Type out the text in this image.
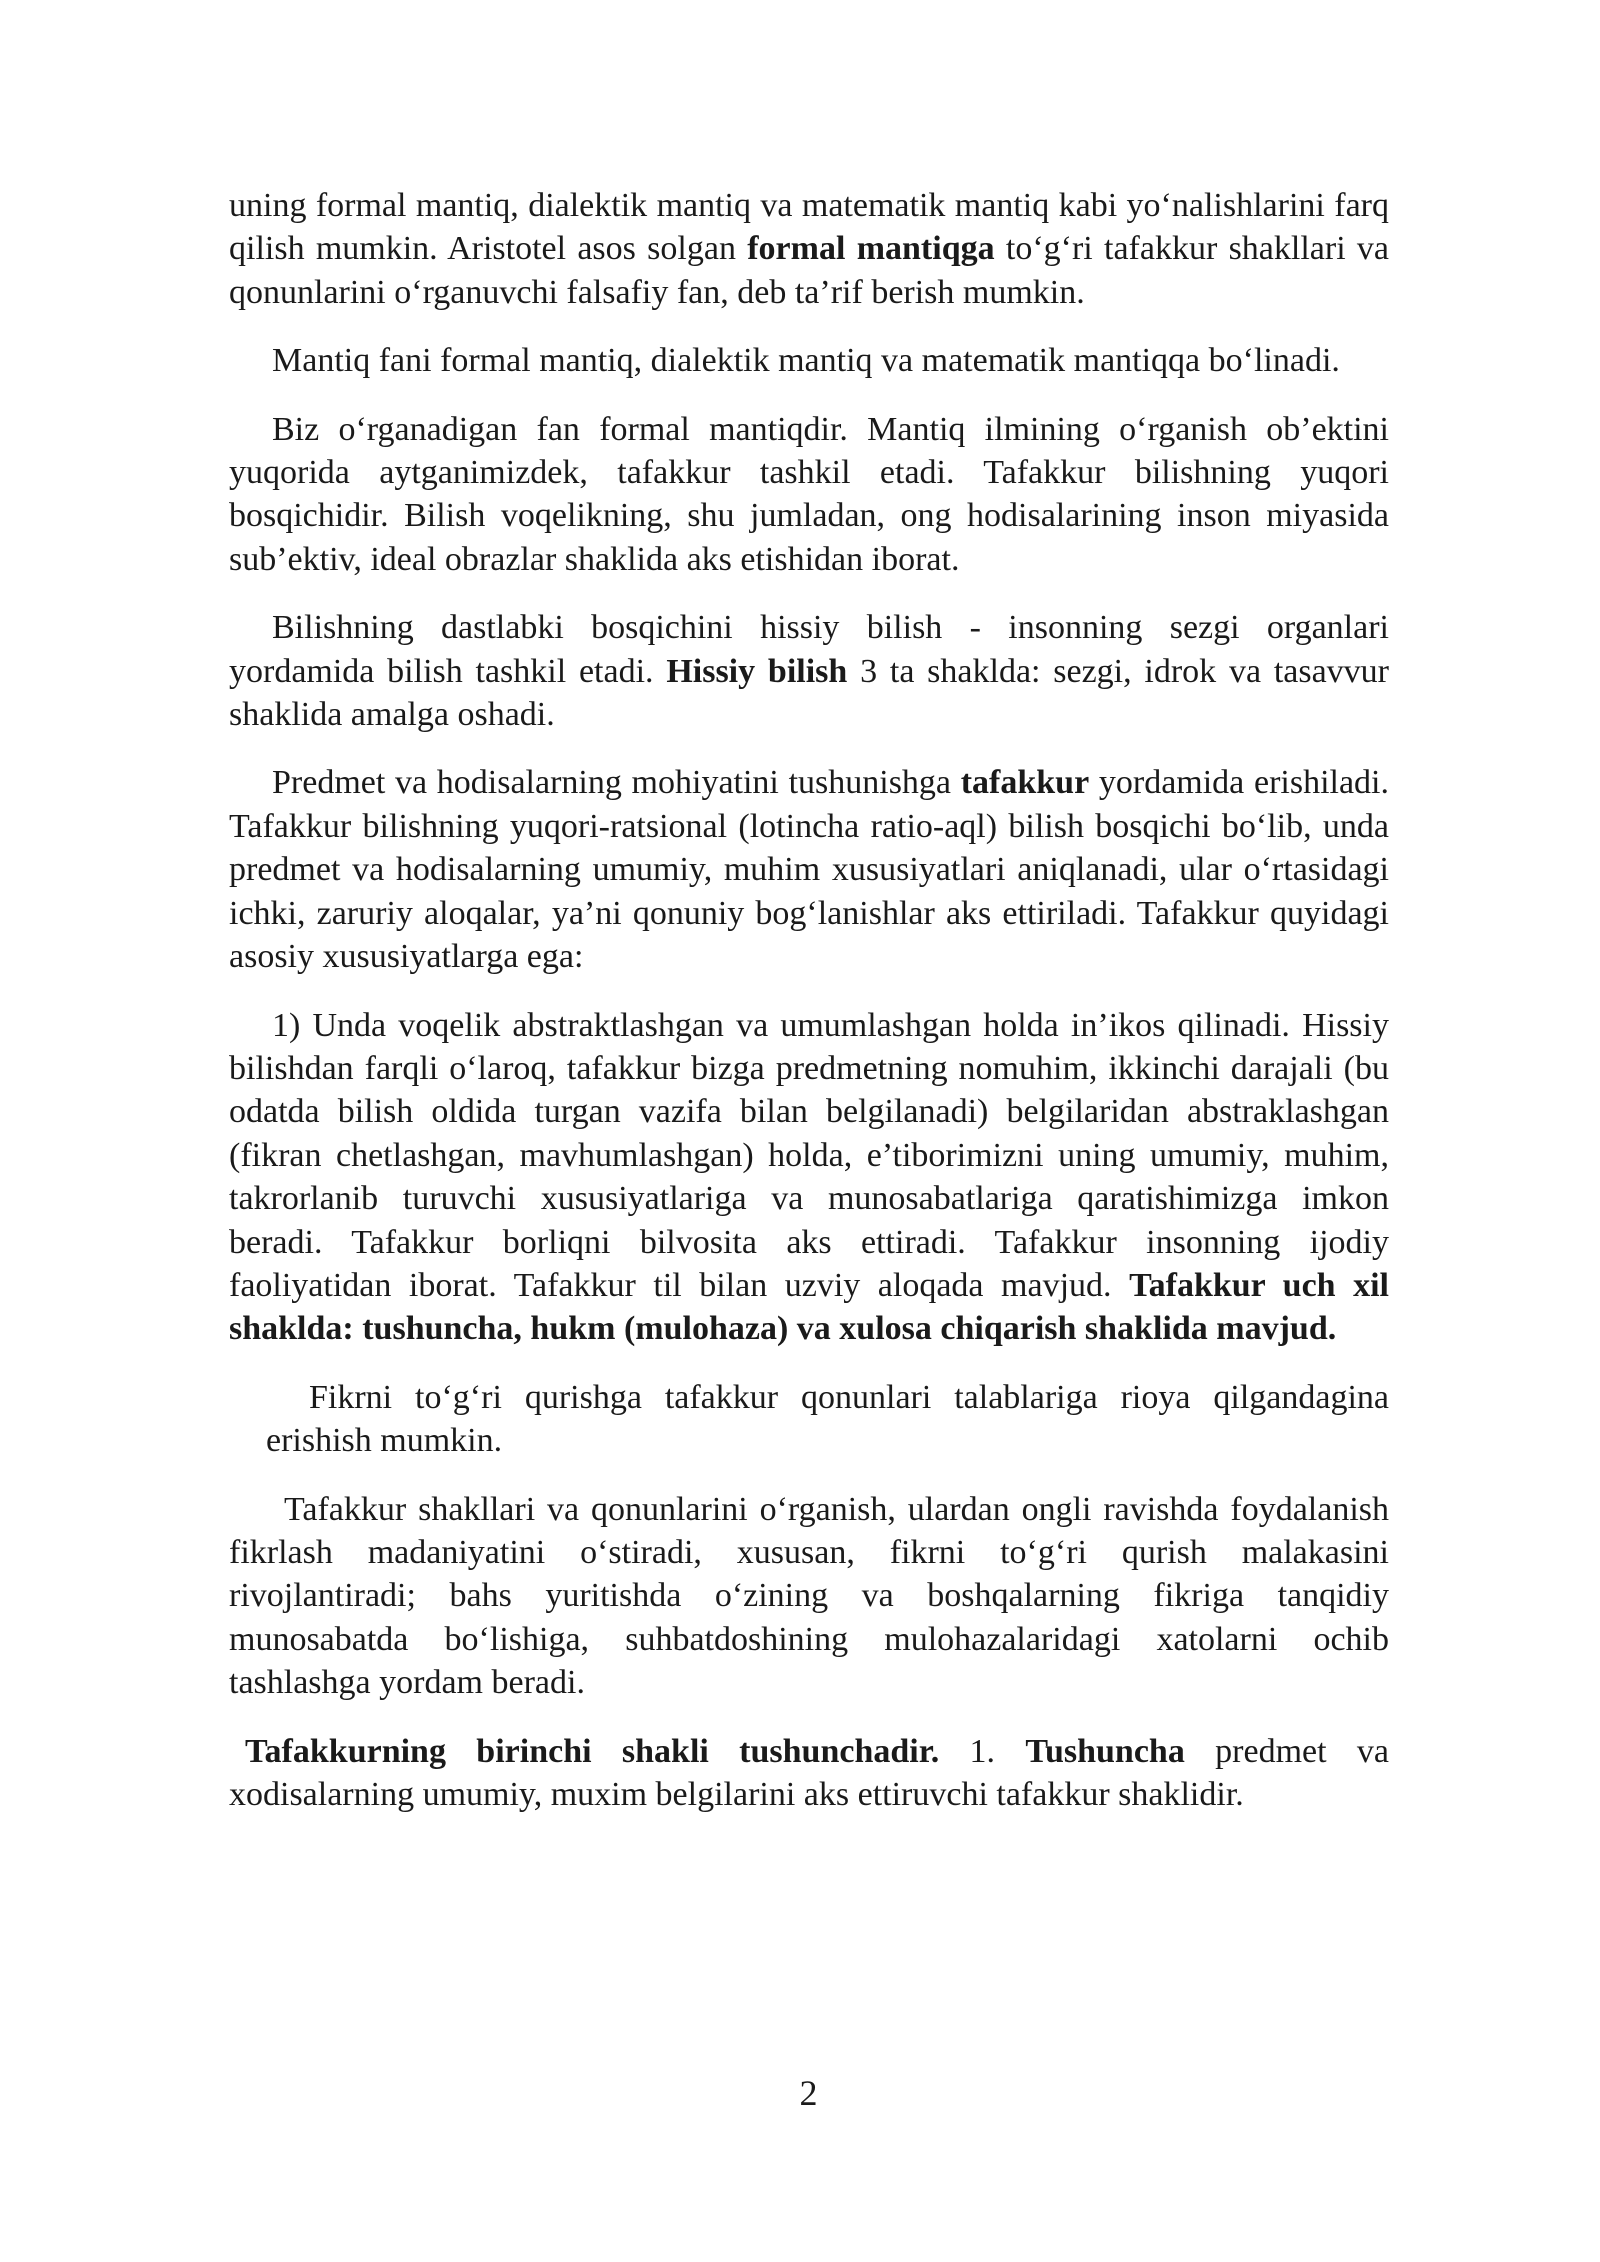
uning formal mantiq, dialektik mantiq va matematik mantiq kabi yo‘nalishlarini farq qilish mumkin. Aristotel asos solgan formal mantiqga to‘g‘ri tafakkur shakllari va qonunlarini o‘rganuvchi falsafiy fan, deb ta’rif berish mumkin.

Mantiq fani formal mantiq, dialektik mantiq va matematik mantiqqa bo‘linadi.

Biz o‘rganadigan fan formal mantiqdir. Mantiq ilmining o‘rganish ob’ektini yuqorida aytganimizdek, tafakkur tashkil etadi. Tafakkur bilishning yuqori bosqichidir. Bilish voqelikning, shu jumladan, ong hodisalarining inson miyasida sub’ektiv, ideal obrazlar shaklida aks etishidan iborat.

Bilishning dastlabki bosqichini hissiy bilish - insonning sezgi organlari yordamida bilish tashkil etadi. Hissiy bilish 3 ta shaklda: sezgi, idrok va tasavvur shaklida amalga oshadi.

Predmet va hodisalarning mohiyatini tushunishga tafakkur yordamida erishiladi. Tafakkur bilishning yuqori-ratsional (lotincha ratio-aql) bilish bosqichi bo‘lib, unda predmet va hodisalarning umumiy, muhim xususiyatlari aniqlanadi, ular o‘rtasidagi ichki, zaruriy aloqalar, ya’ni qonuniy bog‘lanishlar aks ettiriladi. Tafakkur quyidagi asosiy xususiyatlarga ega:

1) Unda voqelik abstraktlashgan va umumlashgan holda in’ikos qilinadi. Hissiy bilishdan farqli o‘laroq, tafakkur bizga predmetning nomuhim, ikkinchi darajali (bu odatda bilish oldida turgan vazifa bilan belgilanadi) belgilaridan abstraklashgan (fikran chetlashgan, mavhumlashgan) holda, e’tiborimizni uning umumiy, muhim, takrorlanib turuvchi xususiyatlariga va munosabatlariga qaratishimizga imkon beradi. Tafakkur borliqni bilvosita aks ettiradi. Tafakkur insonning ijodiy faoliyatidan iborat. Tafakkur til bilan uzviy aloqada mavjud. Tafakkur uch xil shaklda: tushuncha, hukm (mulohaza) va xulosa chiqarish shaklida mavjud.

Fikrni to‘g‘ri qurishga tafakkur qonunlari talablariga rioya qilgandagina erishish mumkin.

Tafakkur shakllari va qonunlarini o‘rganish, ulardan ongli ravishda foydalanish fikrlash madaniyatini o‘stiradi, xususan, fikrni to‘g‘ri qurish malakasini rivojlantiradi; bahs yuritishda o‘zining va boshqalarning fikriga tanqidiy munosabatda bo‘lishiga, suhbatdoshining mulohazalaridagi xatolarni ochib tashlashga yordam beradi.

Tafakkurning birinchi shakli tushunchadir. 1. Tushuncha predmet va xodisalarning umumiy, muxim belgilarini aks ettiruvchi tafakkur shaklidir.

2
